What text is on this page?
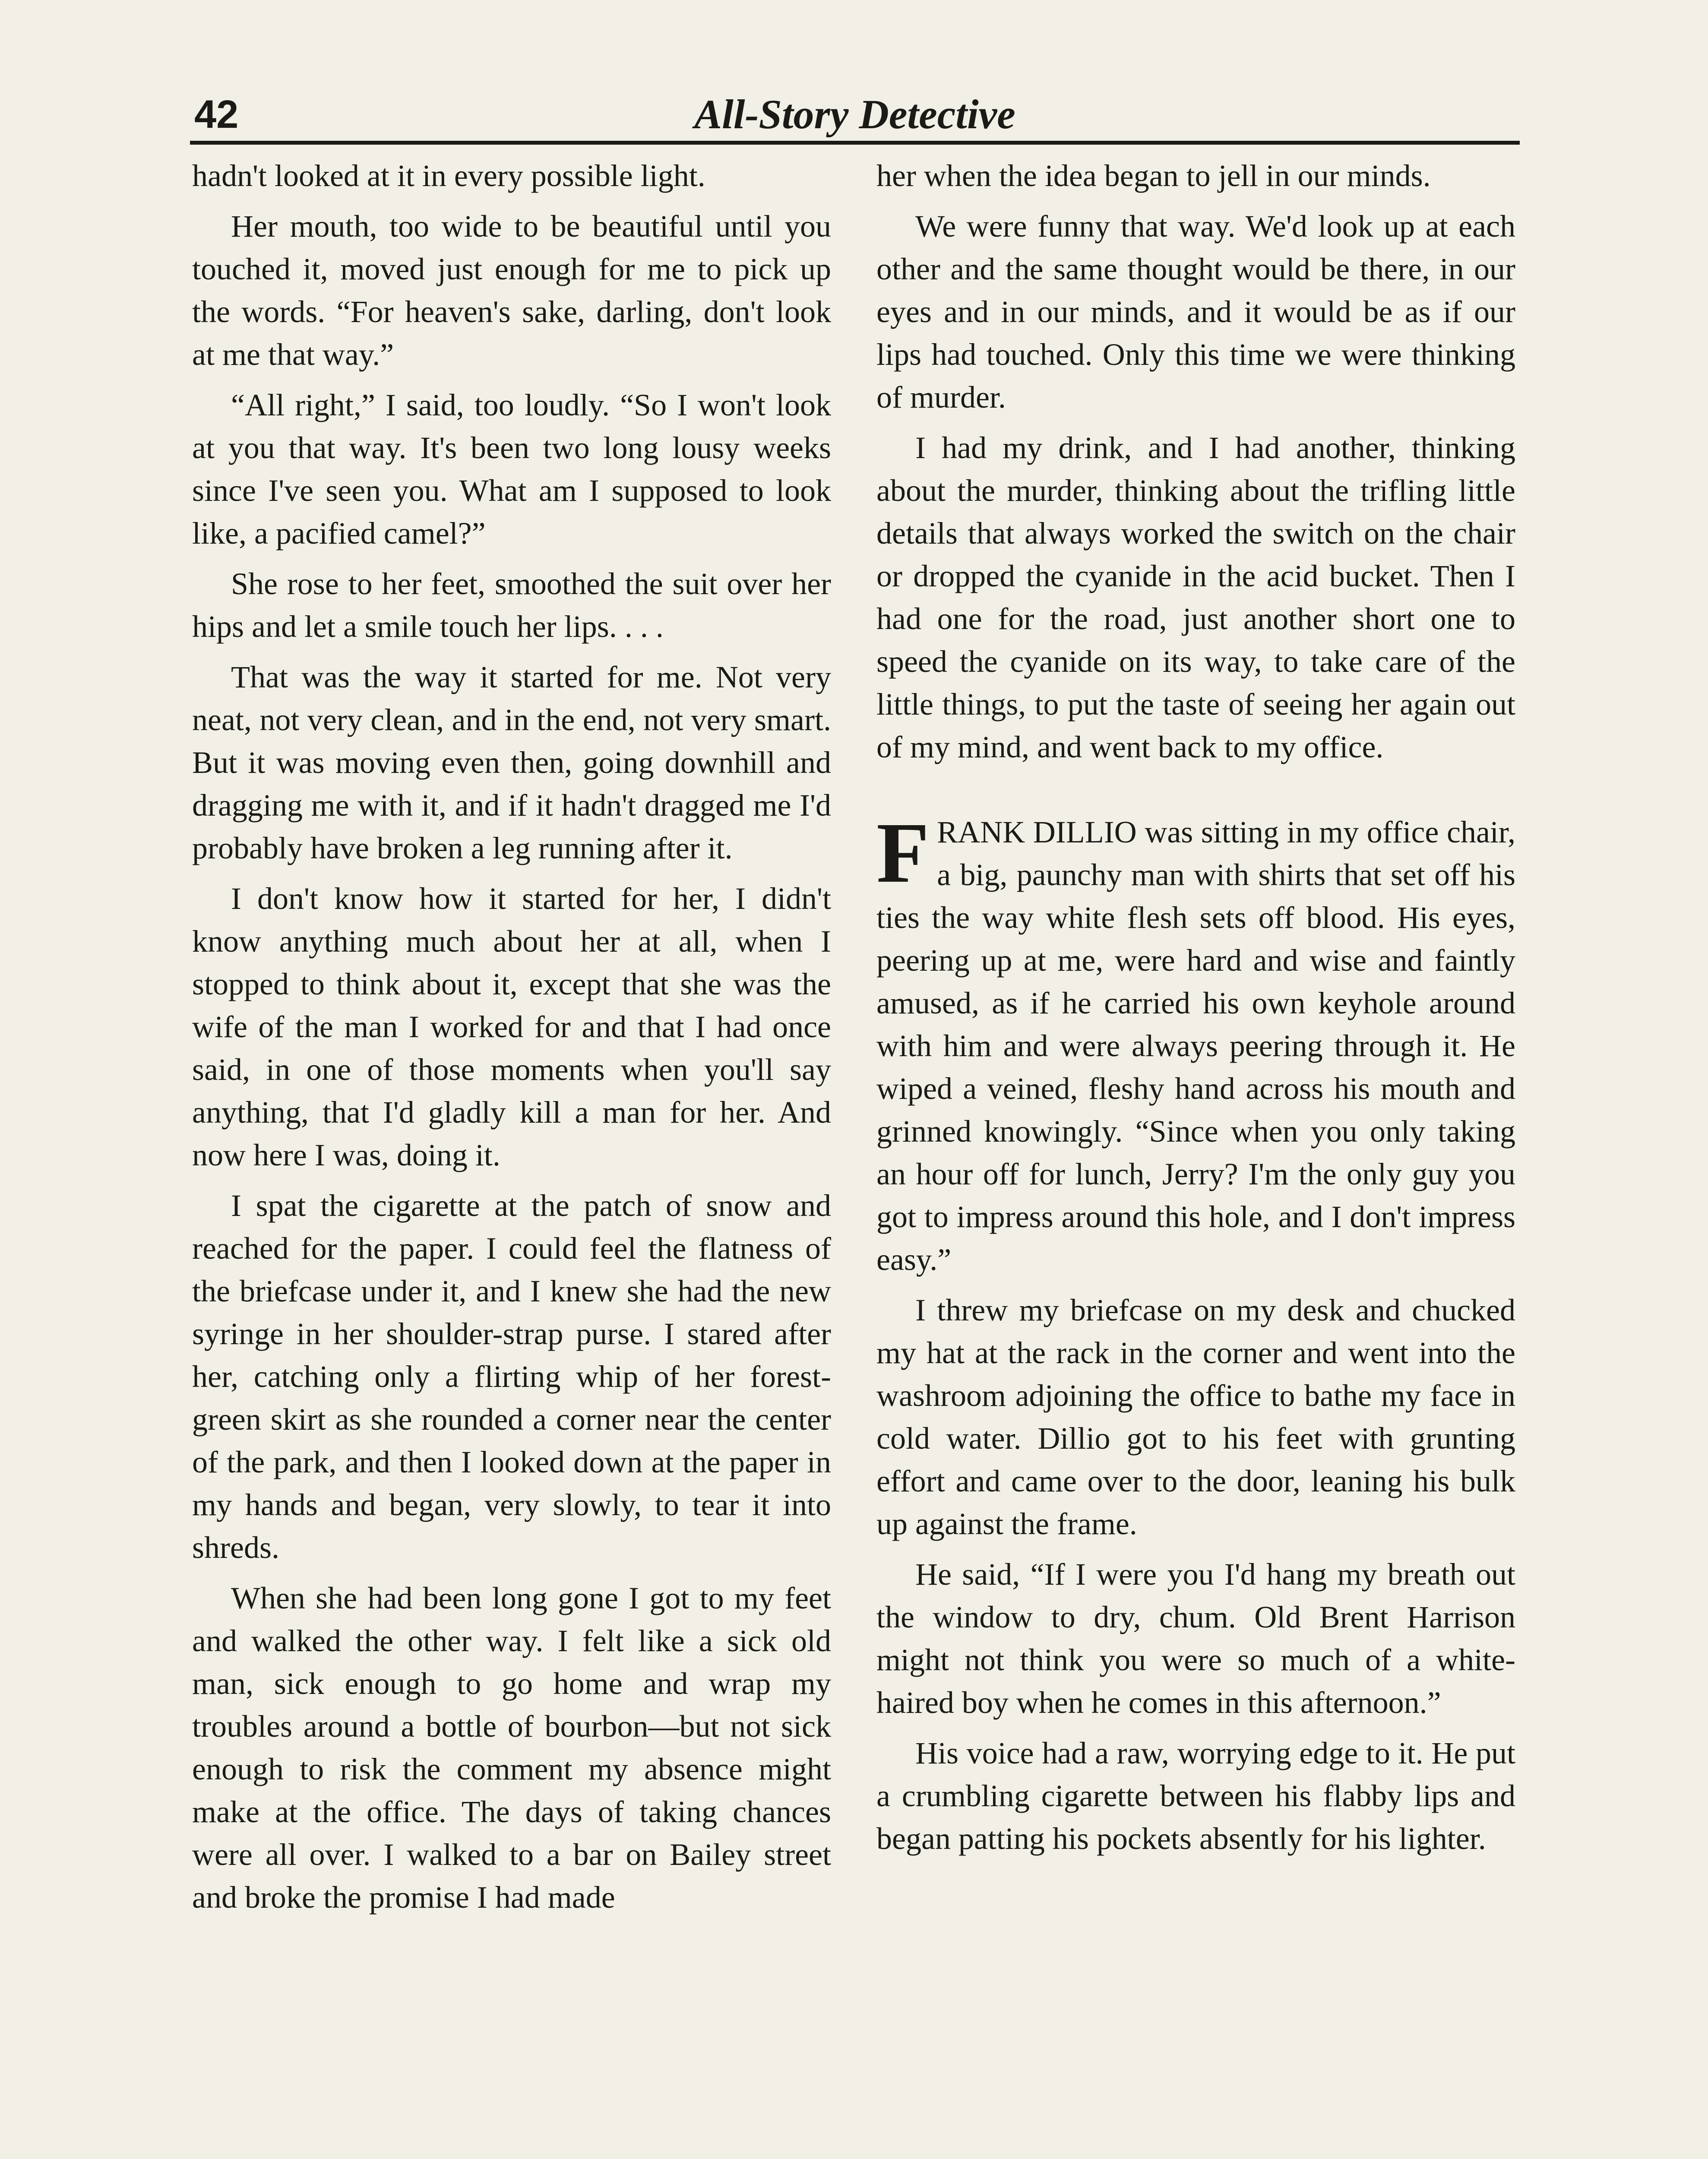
42	All-Story Detective

hadn't looked at it in every possible light.

Her mouth, too wide to be beautiful until you touched it, moved just enough for me to pick up the words. “For heaven's sake, darling, don't look at me that way.”

“All right,” I said, too loudly. “So I won't look at you that way. It's been two long lousy weeks since I've seen you. What am I supposed to look like, a pacified camel?”

She rose to her feet, smoothed the suit over her hips and let a smile touch her lips. . . .

That was the way it started for me. Not very neat, not very clean, and in the end, not very smart. But it was moving even then, going downhill and dragging me with it, and if it hadn't dragged me I'd probably have broken a leg running after it.

I don't know how it started for her, I didn't know anything much about her at all, when I stopped to think about it, except that she was the wife of the man I worked for and that I had once said, in one of those moments when you'll say anything, that I'd gladly kill a man for her. And now here I was, doing it.

I spat the cigarette at the patch of snow and reached for the paper. I could feel the flatness of the briefcase under it, and I knew she had the new syringe in her shoulder-strap purse. I stared after her, catching only a flirting whip of her forest-green skirt as she rounded a corner near the center of the park, and then I looked down at the paper in my hands and began, very slowly, to tear it into shreds.

When she had been long gone I got to my feet and walked the other way. I felt like a sick old man, sick enough to go home and wrap my troubles around a bottle of bourbon—but not sick enough to risk the comment my absence might make at the office. The days of taking chances were all over. I walked to a bar on Bailey street and broke the promise I had made

her when the idea began to jell in our minds.

We were funny that way. We'd look up at each other and the same thought would be there, in our eyes and in our minds, and it would be as if our lips had touched. Only this time we were thinking of murder.

I had my drink, and I had another, thinking about the murder, thinking about the trifling little details that always worked the switch on the chair or dropped the cyanide in the acid bucket. Then I had one for the road, just another short one to speed the cyanide on its way, to take care of the little things, to put the taste of seeing her again out of my mind, and went back to my office.

FRANK DILLIO was sitting in my office chair, a big, paunchy man with shirts that set off his ties the way white flesh sets off blood. His eyes, peering up at me, were hard and wise and faintly amused, as if he carried his own keyhole around with him and were always peering through it. He wiped a veined, fleshy hand across his mouth and grinned knowingly. “Since when you only taking an hour off for lunch, Jerry? I'm the only guy you got to impress around this hole, and I don't impress easy.”

I threw my briefcase on my desk and chucked my hat at the rack in the corner and went into the washroom adjoining the office to bathe my face in cold water. Dillio got to his feet with grunting effort and came over to the door, leaning his bulk up against the frame.

He said, “If I were you I'd hang my breath out the window to dry, chum. Old Brent Harrison might not think you were so much of a white-haired boy when he comes in this afternoon.”

His voice had a raw, worrying edge to it. He put a crumbling cigarette between his flabby lips and began patting his pockets absently for his lighter.
